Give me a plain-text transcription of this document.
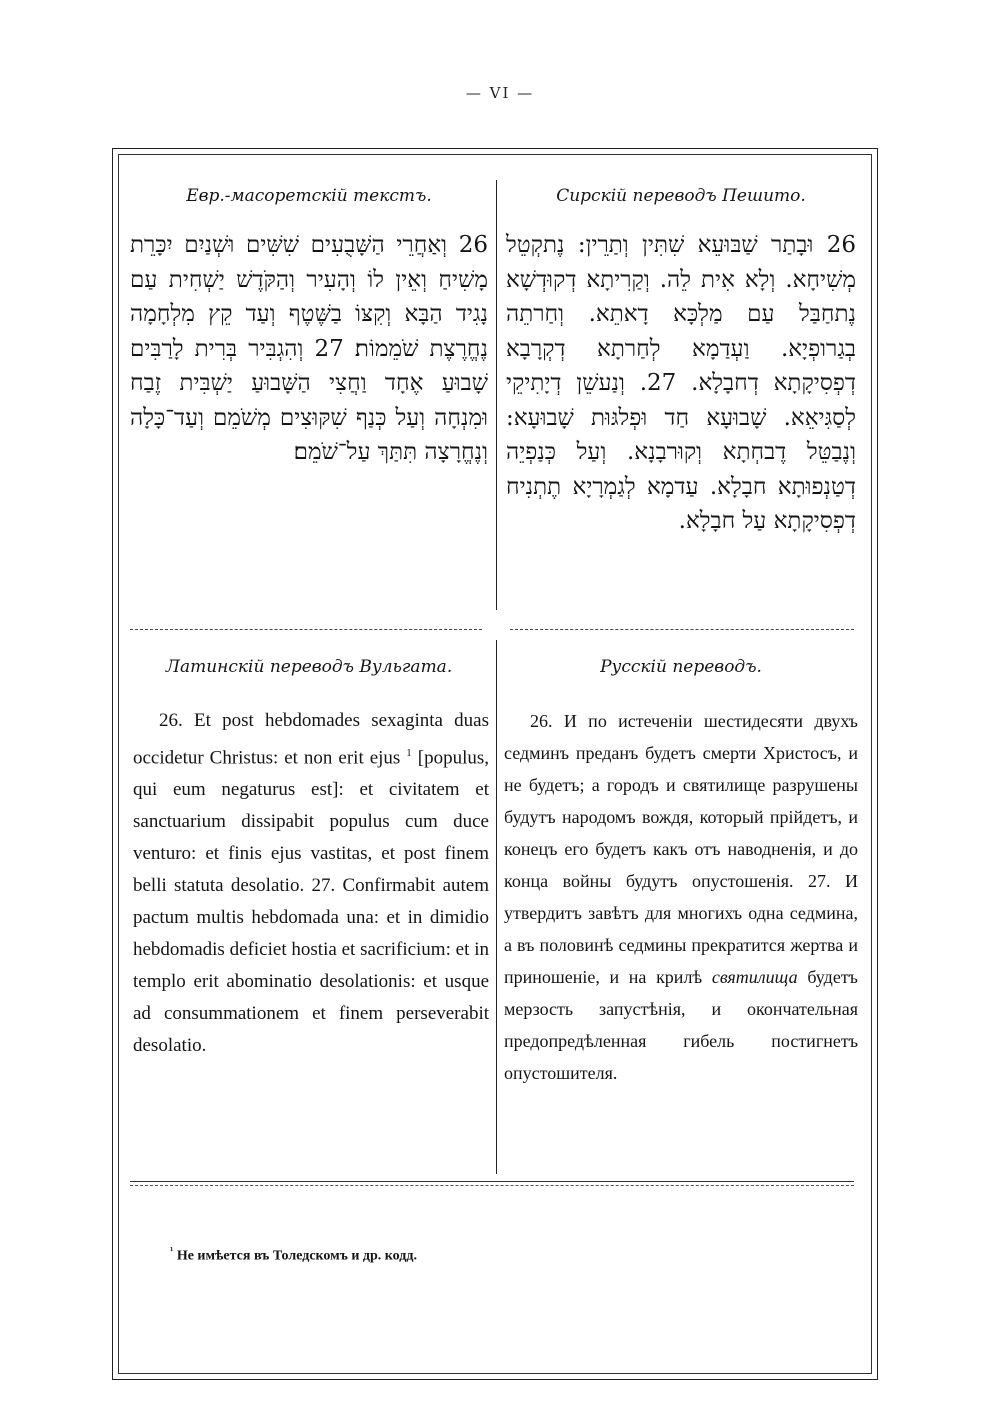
— VI —
Евр.-масоретскій текстъ.
26 וְאַחֲרֵי הַשָּׁבֻעִים שִׁשִּׁים וּשְׁנַיִם יִכָּרֵת מָשִׁיחַ וְאֵין לוֹ וְהָעִיר וְהַקֹּדֶשׁ יַשְׁחִית עַם נָגִיד הַבָּא וְקִצּוֹ בַשֶּׁטֶף וְעַד קֵץ מִלְחָמָה נֶחֱרֶצֶת שֹׁמֵמוֹת׃ 27 וְהִגְבִּיר בְּרִית לָרַבִּים שָׁבוּעַ אֶחָד וַחֲצִי הַשָּׁבוּעַ יַשְׁבִּית זֶבַח וּמִנְחָה וְעַל כְּנַף שִׁקּוּצִים מְשֹׁמֵם וְעַד־כָּלָה וְנֶחֱרָצָה תִּתַּךְ עַל־שֹׁמֵם׃
Сирскій переводъ Пешито.
26 וּבָתַר שַׁבּוּעֵא שִׁתִּין וְתַרֵין: נֶתקְטֵל מְשִׁיחָא. וְלָא אִית לֵה. וְקַרִיתָא דְקוּדְשָׁא נֶתחַבַּל עַם מַלְכָּא דָאתֵא. וְחַרתֵה בְגַרופְיָא. וַעְדַמָא לְחַרתָא דְקְרָבָא דְפְסִיקָתָא דְחבָלָא. 27. וְנַעשֵׁן דְיָתִיקֵי לְסַגִּיאֵא. שָׁבוּעָא חַד וּפְלגּוּת שָׁבוּעָא: וְנֶבַטֵּל דֶבחְתָא וְקוּרבָנָא. וְעַל כְּנַפְיֵה דְטַנְפוּתָא חבָלָא. עַדמָא לְגַמְרָיָא תֶתְנִיח דְפְסִיקָתָא עַל חבָלָא.
Латинскій переводъ Вульгата.

26. Et post hebdomades sexaginta duas occidetur Christus: et non erit ejus $^1$ [populus, qui eum negaturus est]: et civitatem et sanctuarium dissipabit populus cum duce venturo: et finis ejus vastitas, et post finem belli statuta desolatio. 27. Confirmabit autem pactum multis hebdomada una: et in dimidio hebdomadis deficiet hostia et sacrificium: et in templo erit abominatio desolationis: et usque ad consummationem et finem perseverabit desolatio.

Русскій переводъ.

26. И по истеченіи шестидесяти двухъ седминъ преданъ будетъ смерти Христосъ, и не будетъ; а городъ и святилище разрушены будутъ народомъ вождя, который прійдетъ, и конецъ его будетъ какъ отъ наводненія, и до конца войны будутъ опустошенія. 27. И утвердитъ завѣтъ для многихъ одна седмина, а въ половинѣ седмины прекратится жертва и приношеніе, и на крилѣ святилища будетъ мерзость запустѣнія, и окончательная предопредѣленная гибель постигнетъ опустошителя.

$^{^1}$ Не имѣется въ Толедскомъ и др. кодд.
